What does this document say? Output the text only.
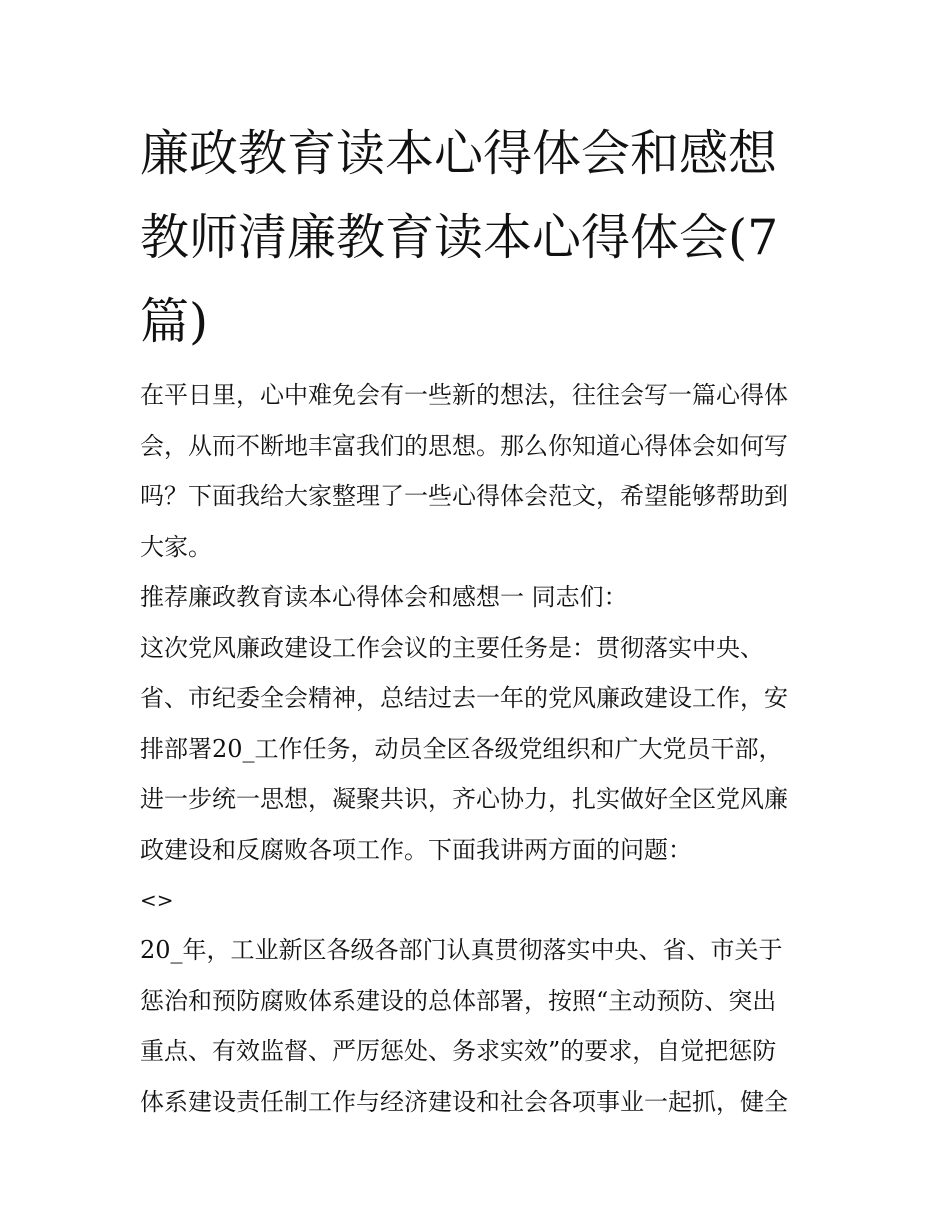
廉政教育读本心得体会和感想
教师清廉教育读本心得体会(7
篇)

在平日里，心中难免会有一些新的想法，往往会写一篇心得体
会，从而不断地丰富我们的思想。那么你知道心得体会如何写
吗？下面我给大家整理了一些心得体会范文，希望能够帮助到
大家。

推荐廉政教育读本心得体会和感想一 同志们：

这次党风廉政建设工作会议的主要任务是：贯彻落实中央、
省、市纪委全会精神，总结过去一年的党风廉政建设工作，安
排部署20_工作任务，动员全区各级党组织和广大党员干部，
进一步统一思想，凝聚共识，齐心协力，扎实做好全区党风廉
政建设和反腐败各项工作。下面我讲两方面的问题：

<>

20_年，工业新区各级各部门认真贯彻落实中央、省、市关于
惩治和预防腐败体系建设的总体部署，按照“主动预防、突出
重点、有效监督、严厉惩处、务求实效”的要求，自觉把惩防
体系建设责任制工作与经济建设和社会各项事业一起抓，健全
